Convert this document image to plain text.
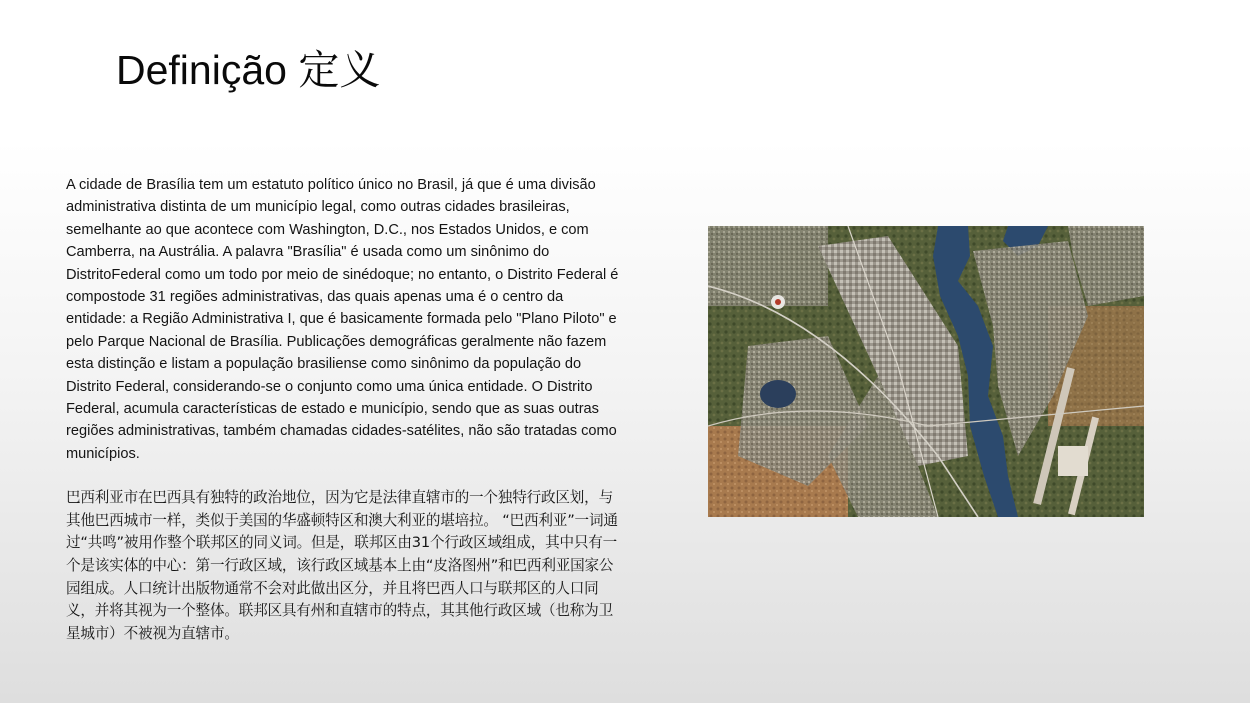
Definição 定义

A cidade de Brasília tem um estatuto político único no Brasil, já que é uma divisão administrativa distinta de um município legal, como outras cidades brasileiras, semelhante ao que acontece com Washington, D.C., nos Estados Unidos, e com Camberra, na Austrália. A palavra "Brasília" é usada como um sinônimo do DistritoFederal como um todo por meio de sinédoque; no entanto, o Distrito Federal é compostode 31 regiões administrativas, das quais apenas uma é o centro da entidade: a Região Administrativa I, que é basicamente formada pelo "Plano Piloto" e pelo Parque Nacional de Brasília. Publicações demográficas geralmente não fazem esta distinção e listam a população brasiliense como sinônimo da população do Distrito Federal, considerando-se o conjunto como uma única entidade. O Distrito Federal, acumula características de estado e município, sendo que as suas outras regiões administrativas, também chamadas cidades-satélites, não são tratadas como municípios.

巴西利亚市在巴西具有独特的政治地位，因为它是法律直辖市的一个独特行政区划，与其他巴西城市一样，类似于美国的华盛顿特区和澳大利亚的堪培拉。 “巴西利亚”一词通过“共鸣”被用作整个联邦区的同义词。但是，联邦区由31个行政区域组成，其中只有一个是该实体的中心：第一行政区域，该行政区域基本上由“皮洛图州”和巴西利亚国家公园组成。人口统计出版物通常不会对此做出区分，并且将巴西人口与联邦区的人口同义，并将其视为一个整体。联邦区具有州和直辖市的特点，其其他行政区域（也称为卫星城市）不被视为直辖市。
